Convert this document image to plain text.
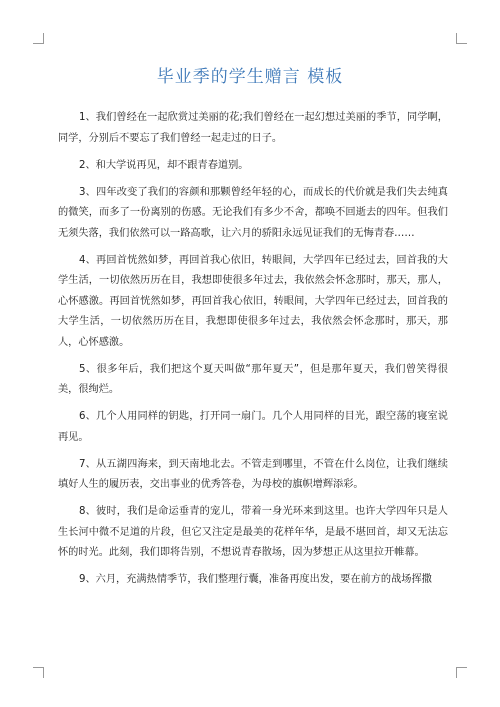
毕业季的学生赠言 模板

1、我们曾经在一起欣赏过美丽的花;我们曾经在一起幻想过美丽的季节，同学啊，同学，分别后不要忘了我们曾经一起走过的日子。

2、和大学说再见，却不跟青春道别。

3、四年改变了我们的容颜和那颗曾经年轻的心，而成长的代价就是我们失去纯真的微笑，而多了一份离别的伤感。无论我们有多少不舍，都唤不回逝去的四年。但我们无须失落，我们依然可以一路高歌，让六月的骄阳永远见证我们的无悔青春……

4、再回首恍然如梦，再回首我心依旧，转眼间，大学四年已经过去，回首我的大学生活，一切依然历历在目，我想即使很多年过去，我依然会怀念那时，那天，那人，心怀感激。再回首恍然如梦，再回首我心依旧，转眼间，大学四年已经过去，回首我的大学生活，一切依然历历在目，我想即使很多年过去，我依然会怀念那时，那天，那人，心怀感激。

5、很多年后，我们把这个夏天叫做“那年夏天”，但是那年夏天，我们曾笑得很美，很绚烂。

6、几个人用同样的钥匙，打开同一扇门。几个人用同样的目光，跟空荡的寝室说再见。

7、从五湖四海来，到天南地北去。不管走到哪里，不管在什么岗位，让我们继续填好人生的履历表，交出事业的优秀答卷，为母校的旗帜增辉添彩。

8、彼时，我们是命运垂青的宠儿，带着一身光环来到这里。也许大学四年只是人生长河中微不足道的片段，但它又注定是最美的花样年华，是最不堪回首，却又无法忘怀的时光。此刻，我们即将告别，不想说青春散场，因为梦想正从这里拉开帷幕。

9、六月，充满热情季节，我们整理行囊，准备再度出发，要在前方的战场挥撒
